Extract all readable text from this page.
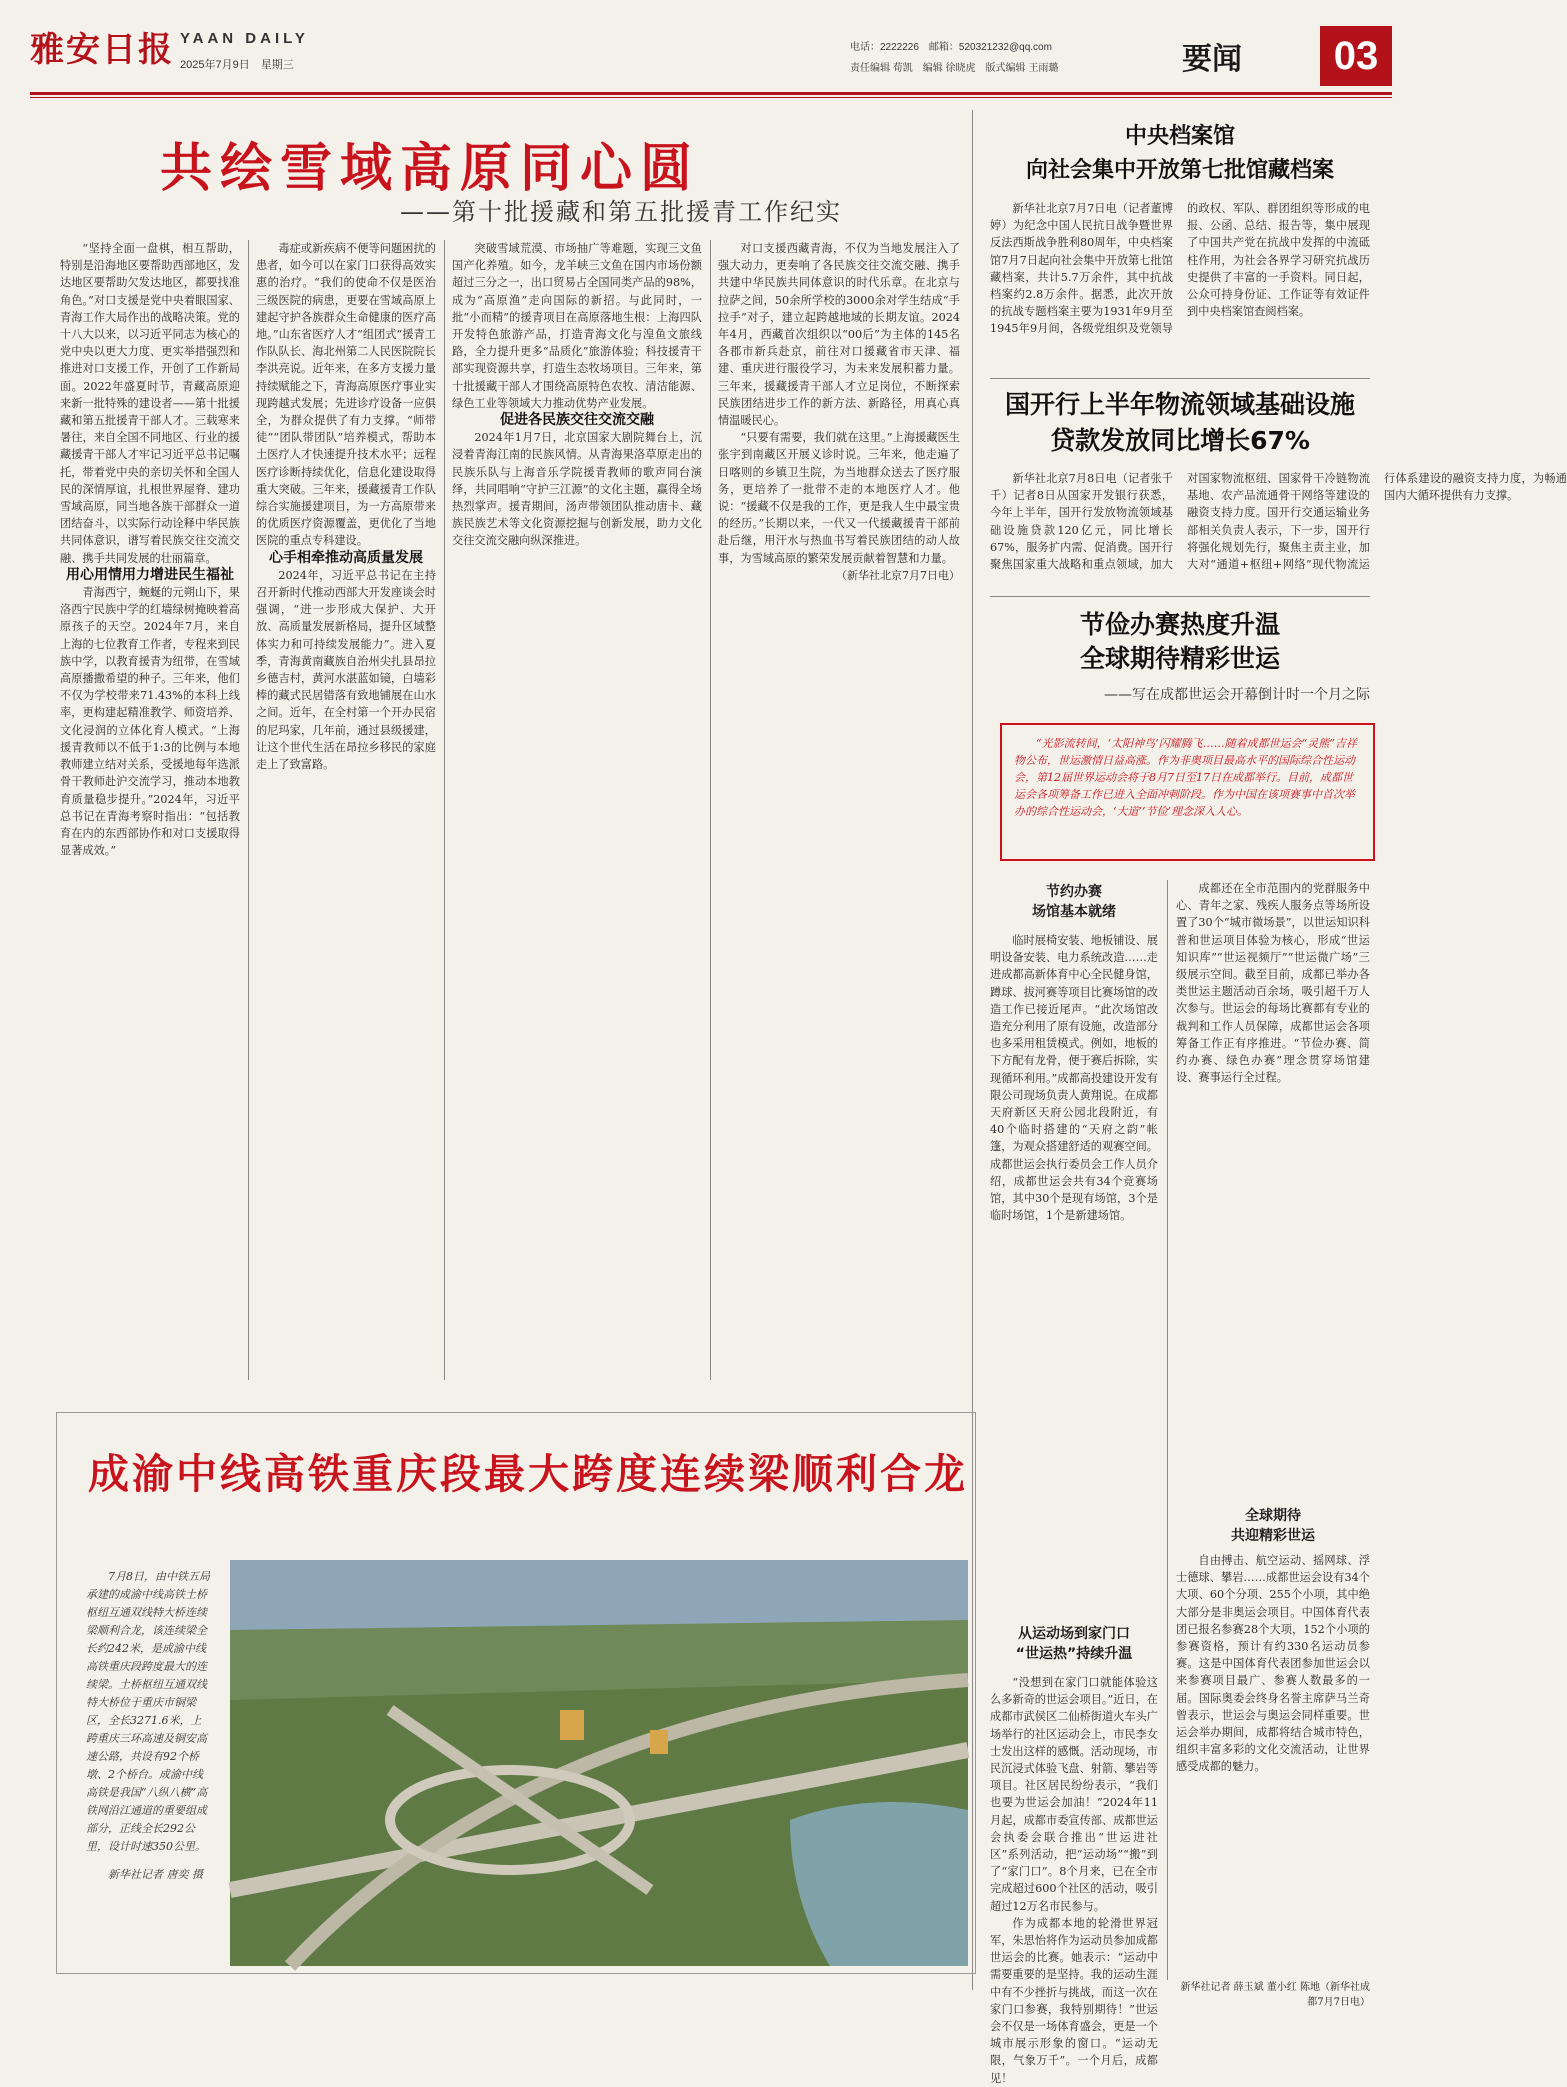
雅安日报 YAAN DAILY
2025年7月9日　星期三
电话：2222226　邮箱：520321232@qq.com
责任编辑 荀凯　编辑 徐晓虎　版式编辑 王雨璐	要闻	03
共绘雪域高原同心圆
——第十批援藏和第五批援青工作纪实

“坚持全面一盘棋，相互帮助，特别是沿海地区要帮助西部地区，发达地区要帮助欠发达地区，都要找准角色。”对口支援是党中央着眼国家、青海工作大局作出的战略决策。党的十八大以来，以习近平同志为核心的党中央以更大力度、更实举措强烈和推进对口支援工作，开创了工作新局面。2022年盛夏时节，青藏高原迎来新一批特殊的建设者——第十批援藏和第五批援青干部人才。三载寒来暑往，来自全国不同地区、行业的援藏援青干部人才牢记习近平总书记嘱托，带着党中央的亲切关怀和全国人民的深情厚谊，扎根世界屋脊、建功雪域高原，同当地各族干部群众一道团结奋斗，以实际行动诠释中华民族共同体意识，谱写着民族交往交流交融、携手共同发展的壮丽篇章。

用心用情用力增进民生福祉

青海西宁，蜿蜒的元朔山下，果洛西宁民族中学的红墙绿树掩映着高原孩子的天空。2024年7月，来自上海的七位教育工作者，专程来到民族中学，以教育援青为纽带，在雪域高原播撒希望的种子。三年来，他们不仅为学校带来71.43%的本科上线率，更构建起精准教学、师资培养、文化浸润的立体化育人模式。“上海援青教师以不低于1:3的比例与本地教师建立结对关系，受援地每年选派骨干教师赴沪交流学习，推动本地教育质量稳步提升。”2024年，习近平总书记在青海考察时指出：“包括教育在内的东西部协作和对口支援取得显著成效。”

毒症或新疾病不便等问题困扰的患者，如今可以在家门口获得高效实惠的治疗。“我们的使命不仅是医治三级医院的病患，更要在雪域高原上建起守护各族群众生命健康的医疗高地。”山东省医疗人才“组团式”援青工作队队长、海北州第二人民医院院长李洪亮说。近年来，在多方支援力量持续赋能之下，青海高原医疗事业实现跨越式发展；先进诊疗设备一应俱全，为群众提供了有力支撑。“师带徒”“团队带团队”培养模式，帮助本土医疗人才快速提升技术水平；远程医疗诊断持续优化，信息化建设取得重大突破。三年来，援藏援青工作队综合实施援建项目，为一方高原带来的优质医疗资源覆盖，更优化了当地医院的重点专科建设。

心手相牵推动高质量发展

2024年，习近平总书记在主持召开新时代推动西部大开发座谈会时强调，“进一步形成大保护、大开放、高质量发展新格局，提升区域整体实力和可持续发展能力”。进入夏季，青海黄南藏族自治州尖扎县昂拉乡德吉村，黄河水湛蓝如镜，白墙彩棒的藏式民居错落有致地铺展在山水之间。近年，在全村第一个开办民宿的尼玛家，几年前，通过县级援建，让这个世代生活在昂拉乡移民的家庭走上了致富路。

突破雪域荒漠、市场抽广等难题，实现三文鱼国产化养殖。如今，龙羊峡三文鱼在国内市场份额超过三分之一，出口贸易占全国同类产品的98%，成为“高原渔”走向国际的新招。与此同时，一批“小而精”的援青项目在高原落地生根：上海四队开发特色旅游产品，打造青海文化与湟鱼文旅线路，全力提升更多“品质化”旅游体验；科技援青干部实现资源共享，打造生态牧场项目。三年来，第十批援藏干部人才围绕高原特色农牧、清洁能源、绿色工业等领域大力推动优势产业发展。

促进各民族交往交流交融

2024年1月7日，北京国家大剧院舞台上，沉浸着青海江南的民族风情。从青海果洛草原走出的民族乐队与上海音乐学院援青教师的歌声同台演绎，共同唱响“守护三江源”的文化主题，赢得全场热烈掌声。援青期间，汤声带领团队推动唐卡、藏族民族艺术等文化资源挖掘与创新发展，助力文化交往交流交融向纵深推进。

对口支援西藏青海，不仅为当地发展注入了强大动力，更奏响了各民族交往交流交融、携手共建中华民族共同体意识的时代乐章。在北京与拉萨之间，50余所学校的3000余对学生结成“手拉手”对子，建立起跨越地域的长期友谊。2024年4月，西藏首次组织以“00后”为主体的145名各郡市新兵赴京，前往对口援藏省市天津、福建、重庆进行服役学习，为未来发展积蓄力量。三年来，援藏援青干部人才立足岗位，不断探索民族团结进步工作的新方法、新路径，用真心真情温暖民心。

“只要有需要，我们就在这里。”上海援藏医生张宇到南藏区开展义诊时说。三年来，他走遍了日喀则的乡镇卫生院，为当地群众送去了医疗服务，更培养了一批带不走的本地医疗人才。他说：“援藏不仅是我的工作，更是我人生中最宝贵的经历。”长期以来，一代又一代援藏援青干部前赴后继，用汗水与热血书写着民族团结的动人故事，为雪域高原的繁荣发展贡献着智慧和力量。

（新华社北京7月7日电）

中央档案馆
向社会集中开放第七批馆藏档案

新华社北京7月7日电（记者董博婷）为纪念中国人民抗日战争暨世界反法西斯战争胜利80周年，中央档案馆7月7日起向社会集中开放第七批馆藏档案，共计5.7万余件，其中抗战档案约2.8万余件。据悉，此次开放的抗战专题档案主要为1931年9月至1945年9月间，各级党组织及党领导的政权、军队、群团组织等形成的电报、公函、总结、报告等，集中展现了中国共产党在抗战中发挥的中流砥柱作用，为社会各界学习研究抗战历史提供了丰富的一手资料。同日起，公众可持身份证、工作证等有效证件到中央档案馆查阅档案。

国开行上半年物流领域基础设施
贷款发放同比增长67%

新华社北京7月8日电（记者张千千）记者8日从国家开发银行获悉，今年上半年，国开行发放物流领域基础设施贷款120亿元，同比增长67%，服务扩内需、促消费。国开行聚焦国家重大战略和重点领域，加大对国家物流枢纽、国家骨干冷链物流基地、农产品流通骨干网络等建设的融资支持力度。国开行交通运输业务部相关负责人表示，下一步，国开行将强化规划先行，聚焦主责主业，加大对“通道+枢纽+网络”现代物流运行体系建设的融资支持力度，为畅通国内大循环提供有力支撑。

节俭办赛热度升温
全球期待精彩世运
——写在成都世运会开幕倒计时一个月之际

“光影流转间，‘太阳神鸟’闪耀腾飞……随着成都世运会“灵熊”吉祥物公布，世运激情日益高涨。作为非奥项目最高水平的国际综合性运动会，第12届世界运动会将于8月7日至17日在成都举行。目前，成都世运会各项筹备工作已进入全面冲刺阶段。作为中国在该项赛事中首次举办的综合性运动会，‘大道’‘节俭’理念深入人心。

节约办赛
场馆基本就绪

临时展椅安装、地板铺设、展明设备安装、电力系统改造……走进成都高新体育中心全民健身馆，蹲球、拔河赛等项目比赛场馆的改造工作已接近尾声。“此次场馆改造充分利用了原有设施，改造部分也多采用租赁模式。例如，地板的下方配有龙骨，便于赛后拆除，实现循环利用。”成都高投建设开发有限公司现场负责人黄翔说。在成都天府新区天府公园北段附近，有40个临时搭建的“天府之韵”帐篷，为观众搭建舒适的观赛空间。成都世运会执行委员会工作人员介绍，成都世运会共有34个竞赛场馆，其中30个是现有场馆，3个是临时场馆，1个是新建场馆。

成都还在全市范围内的党群服务中心、青年之家、残疾人服务点等场所设置了30个“城市微场景”，以世运知识科普和世运项目体验为核心，形成“世运知识库”“世运视频厅”“世运微广场”三级展示空间。截至目前，成都已举办各类世运主题活动百余场，吸引超千万人次参与。世运会的每场比赛都有专业的裁判和工作人员保障，成都世运会各项筹备工作正有序推进。“节俭办赛、简约办赛、绿色办赛”理念贯穿场馆建设、赛事运行全过程。

全球期待
共迎精彩世运

自由搏击、航空运动、摇网球、浮士德球、攀岩……成都世运会设有34个大项、60个分项、255个小项，其中绝大部分是非奥运会项目。中国体育代表团已报名参赛28个大项，152个小项的参赛资格，预计有约330名运动员参赛。这是中国体育代表团参加世运会以来参赛项目最广、参赛人数最多的一届。国际奥委会终身名誉主席萨马兰奇曾表示，世运会与奥运会同样重要。世运会举办期间，成都将结合城市特色，组织丰富多彩的文化交流活动，让世界感受成都的魅力。

从运动场到家门口
“世运热”持续升温

“没想到在家门口就能体验这么多新奇的世运会项目。”近日，在成都市武侯区二仙桥街道火车头广场举行的社区运动会上，市民李女士发出这样的感慨。活动现场，市民沉浸式体验飞盘、射箭、攀岩等项目。社区居民纷纷表示，“我们也要为世运会加油！”2024年11月起，成都市委宣传部、成都世运会执委会联合推出“世运进社区”系列活动，把“运动场”“搬”到了“家门口”。8个月来，已在全市完成超过600个社区的活动，吸引超过12万名市民参与。

作为成都本地的轮滑世界冠军，朱思怡将作为运动员参加成都世运会的比赛。她表示：“运动中需要重要的是坚持。我的运动生涯中有不少挫折与挑战，而这一次在家门口参赛，我特别期待！”世运会不仅是一场体育盛会，更是一个城市展示形象的窗口。“运动无限，气象万千”。一个月后，成都见！

新华社记者 薛玉斌 董小红 陈地（新华社成都7月7日电）
成渝中线高铁重庆段最大跨度连续梁顺利合龙

7月8日，由中铁五局承建的成渝中线高铁土桥枢纽互通双线特大桥连续梁顺利合龙，该连续梁全长约242米，是成渝中线高铁重庆段跨度最大的连续梁。土桥枢纽互通双线特大桥位于重庆市铜梁区，全长3271.6米，上跨重庆三环高速及铜安高速公路，共设有92个桥墩、2个桥台。成渝中线高铁是我国“八纵八横”高铁网沿江通道的重要组成部分，正线全长292公里，设计时速350公里。

新华社记者 唐奕 摄
